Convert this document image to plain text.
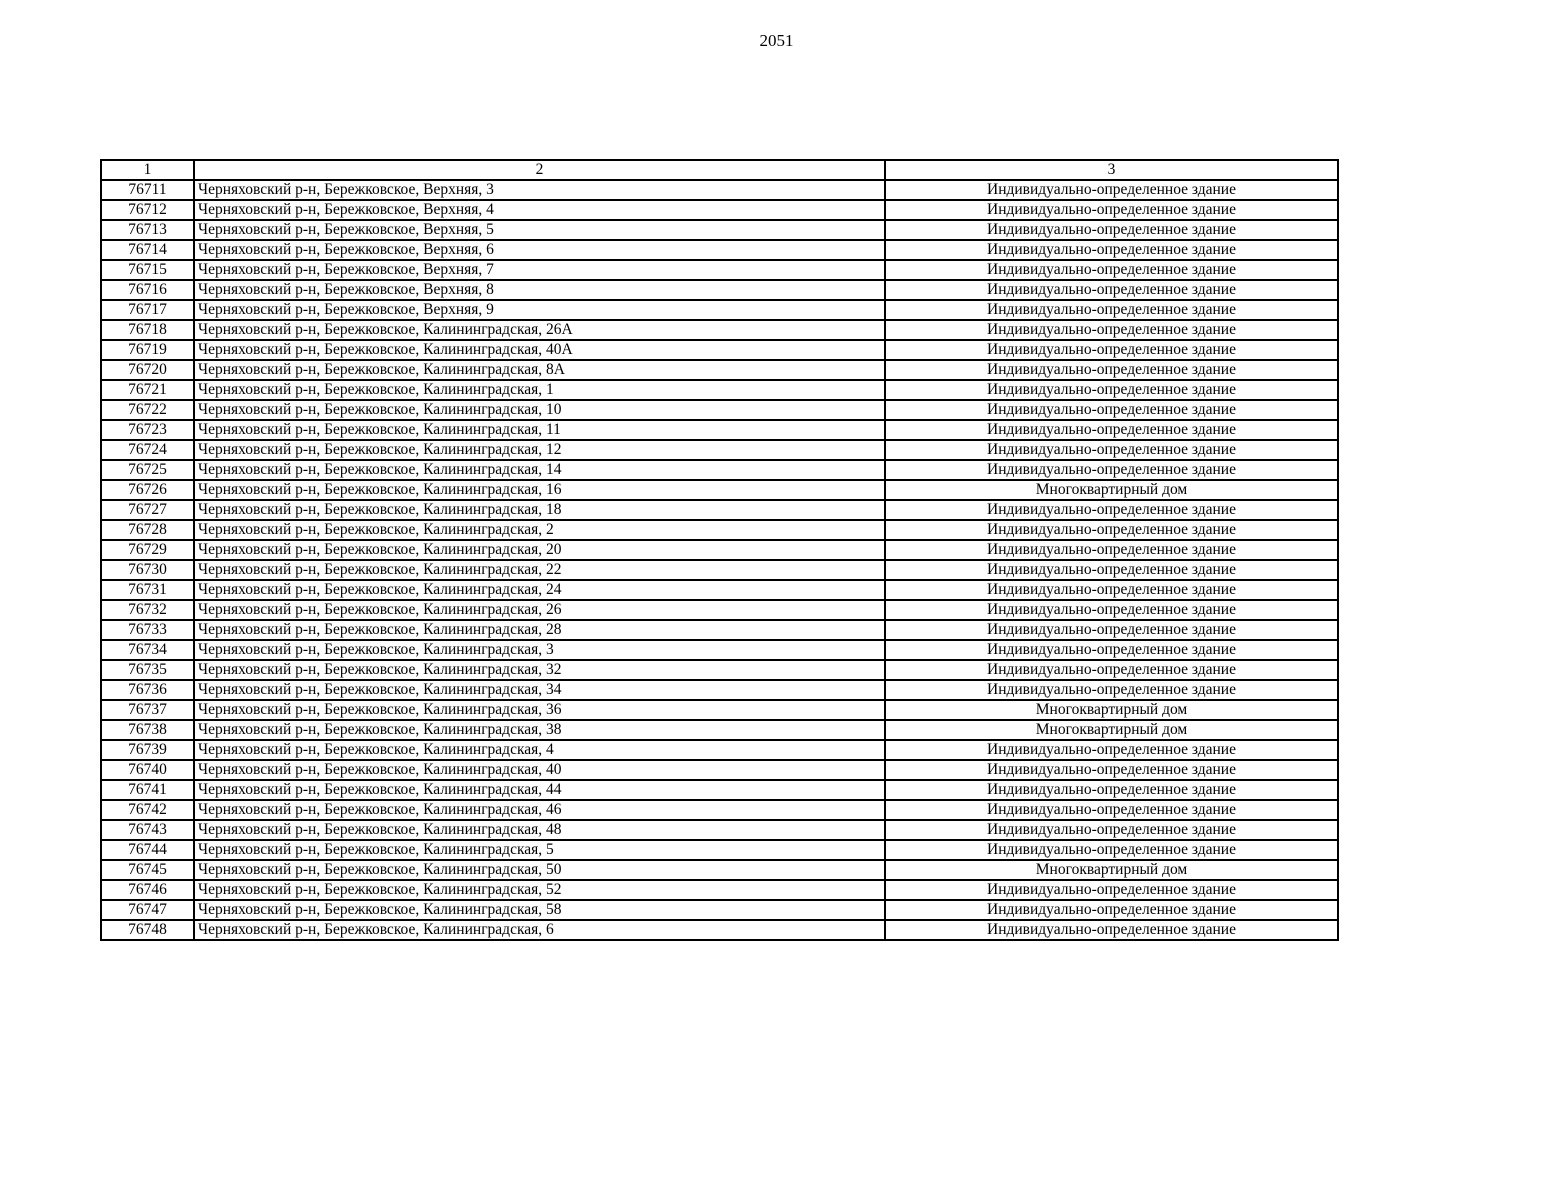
2051
1	2	3
76711	Черняховский р-н, Бережковское, Верхняя, 3	Индивидуально-определенное здание
76712	Черняховский р-н, Бережковское, Верхняя, 4	Индивидуально-определенное здание
76713	Черняховский р-н, Бережковское, Верхняя, 5	Индивидуально-определенное здание
76714	Черняховский р-н, Бережковское, Верхняя, 6	Индивидуально-определенное здание
76715	Черняховский р-н, Бережковское, Верхняя, 7	Индивидуально-определенное здание
76716	Черняховский р-н, Бережковское, Верхняя, 8	Индивидуально-определенное здание
76717	Черняховский р-н, Бережковское, Верхняя, 9	Индивидуально-определенное здание
76718	Черняховский р-н, Бережковское, Калининградская, 26А	Индивидуально-определенное здание
76719	Черняховский р-н, Бережковское, Калининградская, 40А	Индивидуально-определенное здание
76720	Черняховский р-н, Бережковское, Калининградская, 8А	Индивидуально-определенное здание
76721	Черняховский р-н, Бережковское, Калининградская, 1	Индивидуально-определенное здание
76722	Черняховский р-н, Бережковское, Калининградская, 10	Индивидуально-определенное здание
76723	Черняховский р-н, Бережковское, Калининградская, 11	Индивидуально-определенное здание
76724	Черняховский р-н, Бережковское, Калининградская, 12	Индивидуально-определенное здание
76725	Черняховский р-н, Бережковское, Калининградская, 14	Индивидуально-определенное здание
76726	Черняховский р-н, Бережковское, Калининградская, 16	Многоквартирный дом
76727	Черняховский р-н, Бережковское, Калининградская, 18	Индивидуально-определенное здание
76728	Черняховский р-н, Бережковское, Калининградская, 2	Индивидуально-определенное здание
76729	Черняховский р-н, Бережковское, Калининградская, 20	Индивидуально-определенное здание
76730	Черняховский р-н, Бережковское, Калининградская, 22	Индивидуально-определенное здание
76731	Черняховский р-н, Бережковское, Калининградская, 24	Индивидуально-определенное здание
76732	Черняховский р-н, Бережковское, Калининградская, 26	Индивидуально-определенное здание
76733	Черняховский р-н, Бережковское, Калининградская, 28	Индивидуально-определенное здание
76734	Черняховский р-н, Бережковское, Калининградская, 3	Индивидуально-определенное здание
76735	Черняховский р-н, Бережковское, Калининградская, 32	Индивидуально-определенное здание
76736	Черняховский р-н, Бережковское, Калининградская, 34	Индивидуально-определенное здание
76737	Черняховский р-н, Бережковское, Калининградская, 36	Многоквартирный дом
76738	Черняховский р-н, Бережковское, Калининградская, 38	Многоквартирный дом
76739	Черняховский р-н, Бережковское, Калининградская, 4	Индивидуально-определенное здание
76740	Черняховский р-н, Бережковское, Калининградская, 40	Индивидуально-определенное здание
76741	Черняховский р-н, Бережковское, Калининградская, 44	Индивидуально-определенное здание
76742	Черняховский р-н, Бережковское, Калининградская, 46	Индивидуально-определенное здание
76743	Черняховский р-н, Бережковское, Калининградская, 48	Индивидуально-определенное здание
76744	Черняховский р-н, Бережковское, Калининградская, 5	Индивидуально-определенное здание
76745	Черняховский р-н, Бережковское, Калининградская, 50	Многоквартирный дом
76746	Черняховский р-н, Бережковское, Калининградская, 52	Индивидуально-определенное здание
76747	Черняховский р-н, Бережковское, Калининградская, 58	Индивидуально-определенное здание
76748	Черняховский р-н, Бережковское, Калининградская, 6	Индивидуально-определенное здание
